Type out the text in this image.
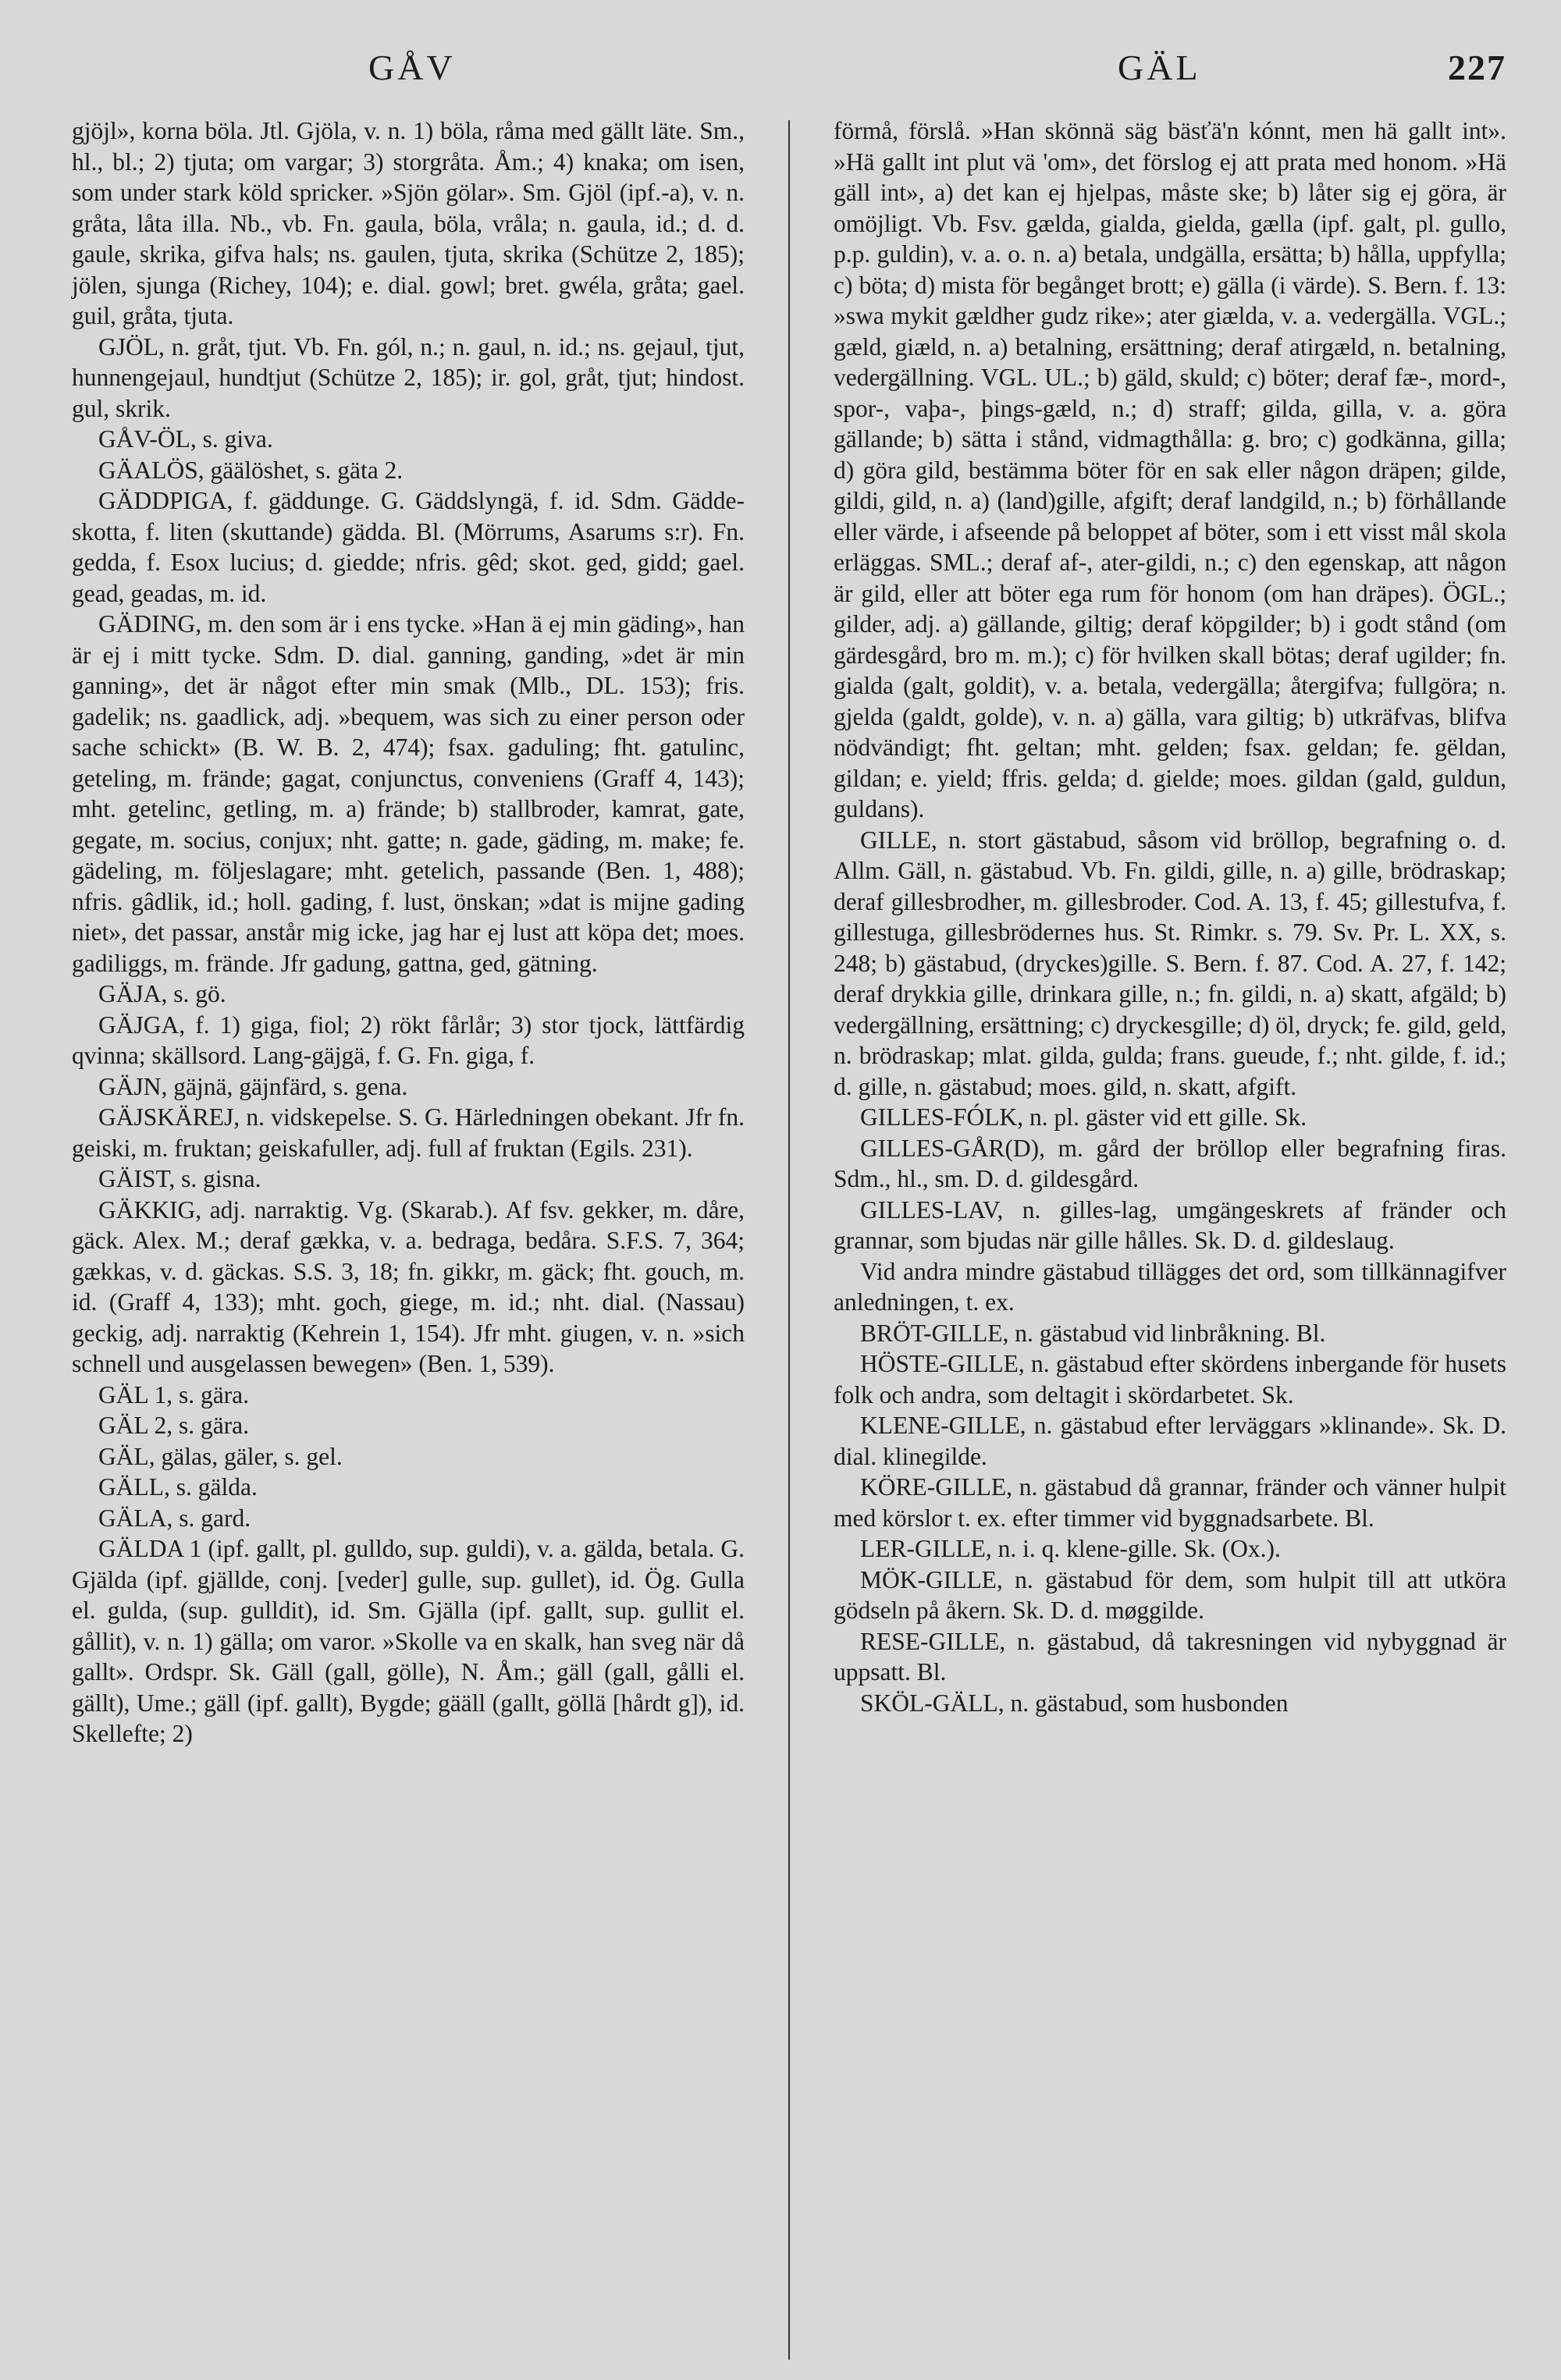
GÅV	GÄL	227

gjöjl», korna böla. Jtl. Gjöla, v. n. 1) böla, råma med gällt läte. Sm., hl., bl.; 2) tjuta; om vargar; 3) storgråta. Åm.; 4) knaka; om isen, som under stark köld spricker. »Sjön gölar». Sm. Gjöl (ipf.-a), v. n. gråta, låta illa. Nb., vb. Fn. gaula, böla, vråla; n. gaula, id.; d. d. gaule, skrika, gifva hals; ns. gaulen, tjuta, skrika (Schütze 2, 185); jölen, sjunga (Richey, 104); e. dial. gowl; bret. gwéla, gråta; gael. guil, gråta, tjuta.

GJÖL, n. gråt, tjut. Vb. Fn. gól, n.; n. gaul, n. id.; ns. gejaul, tjut, hunnengejaul, hundtjut (Schütze 2, 185); ir. gol, gråt, tjut; hindost. gul, skrik.

GÅV-ÖL, s. giva.

GÄALÖS, gäälöshet, s. gäta 2.

GÄDDPIGA, f. gäddunge. G. Gäddslyngä, f. id. Sdm. Gädde-skotta, f. liten (skuttande) gädda. Bl. (Mörrums, Asarums s:r). Fn. gedda, f. Esox lucius; d. giedde; nfris. gêd; skot. ged, gidd; gael. gead, geadas, m. id.

GÄDING, m. den som är i ens tycke. »Han ä ej min gäding», han är ej i mitt tycke. Sdm. D. dial. ganning, ganding, »det är min ganning», det är något efter min smak (Mlb., DL. 153); fris. gadelik; ns. gaadlick, adj. »bequem, was sich zu einer person oder sache schickt» (B. W. B. 2, 474); fsax. gaduling; fht. gatulinc, geteling, m. frände; gagat, conjunctus, conveniens (Graff 4, 143); mht. getelinc, getling, m. a) frände; b) stallbroder, kamrat, gate, gegate, m. socius, conjux; nht. gatte; n. gade, gäding, m. make; fe. gädeling, m. följeslagare; mht. getelich, passande (Ben. 1, 488); nfris. gâdlik, id.; holl. gading, f. lust, önskan; »dat is mijne gading niet», det passar, anstår mig icke, jag har ej lust att köpa det; moes. gadiliggs, m. frände. Jfr gadung, gattna, ged, gätning.

GÄJA, s. gö.

GÄJGA, f. 1) giga, fiol; 2) rökt fårlår; 3) stor tjock, lättfärdig qvinna; skällsord. Lang-gäjgä, f. G. Fn. giga, f.

GÄJN, gäjnä, gäjnfärd, s. gena.

GÄJSKÄREJ, n. vidskepelse. S. G. Härledningen obekant. Jfr fn. geiski, m. fruktan; geiskafuller, adj. full af fruktan (Egils. 231).

GÄIST, s. gisna.

GÄKKIG, adj. narraktig. Vg. (Skarab.). Af fsv. gekker, m. dåre, gäck. Alex. M.; deraf gækka, v. a. bedraga, bedåra. S.F.S. 7, 364; gækkas, v. d. gäckas. S.S. 3, 18; fn. gikkr, m. gäck; fht. gouch, m. id. (Graff 4, 133); mht. goch, giege, m. id.; nht. dial. (Nassau) geckig, adj. narraktig (Kehrein 1, 154). Jfr mht. giugen, v. n. »sich schnell und ausgelassen bewegen» (Ben. 1, 539).

GÄL 1, s. gära.

GÄL 2, s. gära.

GÄL, gälas, gäler, s. gel.

GÄLL, s. gälda.

GÄLA, s. gard.

GÄLDA 1 (ipf. gallt, pl. gulldo, sup. guldi), v. a. gälda, betala. G. Gjälda (ipf. gjällde, conj. [veder] gulle, sup. gullet), id. Ög. Gulla el. gulda, (sup. gulldit), id. Sm. Gjälla (ipf. gallt, sup. gullit el. gållit), v. n. 1) gälla; om varor. »Skolle va en skalk, han sveg när då gallt». Ordspr. Sk. Gäll (gall, gölle), N. Åm.; gäll (gall, gålli el. gällt), Ume.; gäll (ipf. gallt), Bygde; gääll (gallt, göllä [hårdt g]), id. Skellefte; 2)

förmå, förslå. »Han skönnä säg bäsťä'n kónnt, men hä gallt int». »Hä gallt int plut vä 'om», det förslog ej att prata med honom. »Hä gäll int», a) det kan ej hjelpas, måste ske; b) låter sig ej göra, är omöjligt. Vb. Fsv. gælda, gialda, gielda, gælla (ipf. galt, pl. gullo, p.p. guldin), v. a. o. n. a) betala, undgälla, ersätta; b) hålla, uppfylla; c) böta; d) mista för begånget brott; e) gälla (i värde). S. Bern. f. 13: »swa mykit gældher gudz rike»; ater giælda, v. a. vedergälla. VGL.; gæld, giæld, n. a) betalning, ersättning; deraf atirgæld, n. betalning, vedergällning. VGL. UL.; b) gäld, skuld; c) böter; deraf fæ-, mord-, spor-, vaþa-, þings-gæld, n.; d) straff; gilda, gilla, v. a. göra gällande; b) sätta i stånd, vidmagthålla: g. bro; c) godkänna, gilla; d) göra gild, bestämma böter för en sak eller någon dräpen; gilde, gildi, gild, n. a) (land)gille, afgift; deraf landgild, n.; b) förhållande eller värde, i afseende på beloppet af böter, som i ett visst mål skola erläggas. SML.; deraf af-, ater-gildi, n.; c) den egenskap, att någon är gild, eller att böter ega rum för honom (om han dräpes). ÖGL.; gilder, adj. a) gällande, giltig; deraf köpgilder; b) i godt stånd (om gärdesgård, bro m. m.); c) för hvilken skall bötas; deraf ugilder; fn. gialda (galt, goldit), v. a. betala, vedergälla; återgifva; fullgöra; n. gjelda (galdt, golde), v. n. a) gälla, vara giltig; b) utkräfvas, blifva nödvändigt; fht. geltan; mht. gelden; fsax. geldan; fe. gëldan, gildan; e. yield; ffris. gelda; d. gielde; moes. gildan (gald, guldun, guldans).

GILLE, n. stort gästabud, såsom vid bröllop, begrafning o. d. Allm. Gäll, n. gästabud. Vb. Fn. gildi, gille, n. a) gille, brödraskap; deraf gillesbrodher, m. gillesbroder. Cod. A. 13, f. 45; gillestufva, f. gillestuga, gillesbrödernes hus. St. Rimkr. s. 79. Sv. Pr. L. XX, s. 248; b) gästabud, (dryckes)gille. S. Bern. f. 87. Cod. A. 27, f. 142; deraf drykkia gille, drinkara gille, n.; fn. gildi, n. a) skatt, afgäld; b) vedergällning, ersättning; c) dryckesgille; d) öl, dryck; fe. gild, geld, n. brödraskap; mlat. gilda, gulda; frans. gueude, f.; nht. gilde, f. id.; d. gille, n. gästabud; moes. gild, n. skatt, afgift.

GILLES-FÓLK, n. pl. gäster vid ett gille. Sk.

GILLES-GÅR(D), m. gård der bröllop eller begrafning firas. Sdm., hl., sm. D. d. gildesgård.

GILLES-LAV, n. gilles-lag, umgängeskrets af fränder och grannar, som bjudas när gille hålles. Sk. D. d. gildeslaug.

Vid andra mindre gästabud tillägges det ord, som tillkännagifver anledningen, t. ex.

BRÖT-GILLE, n. gästabud vid linbråkning. Bl.

HÖSTE-GILLE, n. gästabud efter skördens inbergande för husets folk och andra, som deltagit i skördarbetet. Sk.

KLENE-GILLE, n. gästabud efter lerväggars »klinande». Sk. D. dial. klinegilde.

KÖRE-GILLE, n. gästabud då grannar, fränder och vänner hulpit med körslor t. ex. efter timmer vid byggnadsarbete. Bl.

LER-GILLE, n. i. q. klene-gille. Sk. (Ox.).

MÖK-GILLE, n. gästabud för dem, som hulpit till att utköra gödseln på åkern. Sk. D. d. møggilde.

RESE-GILLE, n. gästabud, då takresningen vid nybyggnad är uppsatt. Bl.

SKÖL-GÄLL, n. gästabud, som husbonden
